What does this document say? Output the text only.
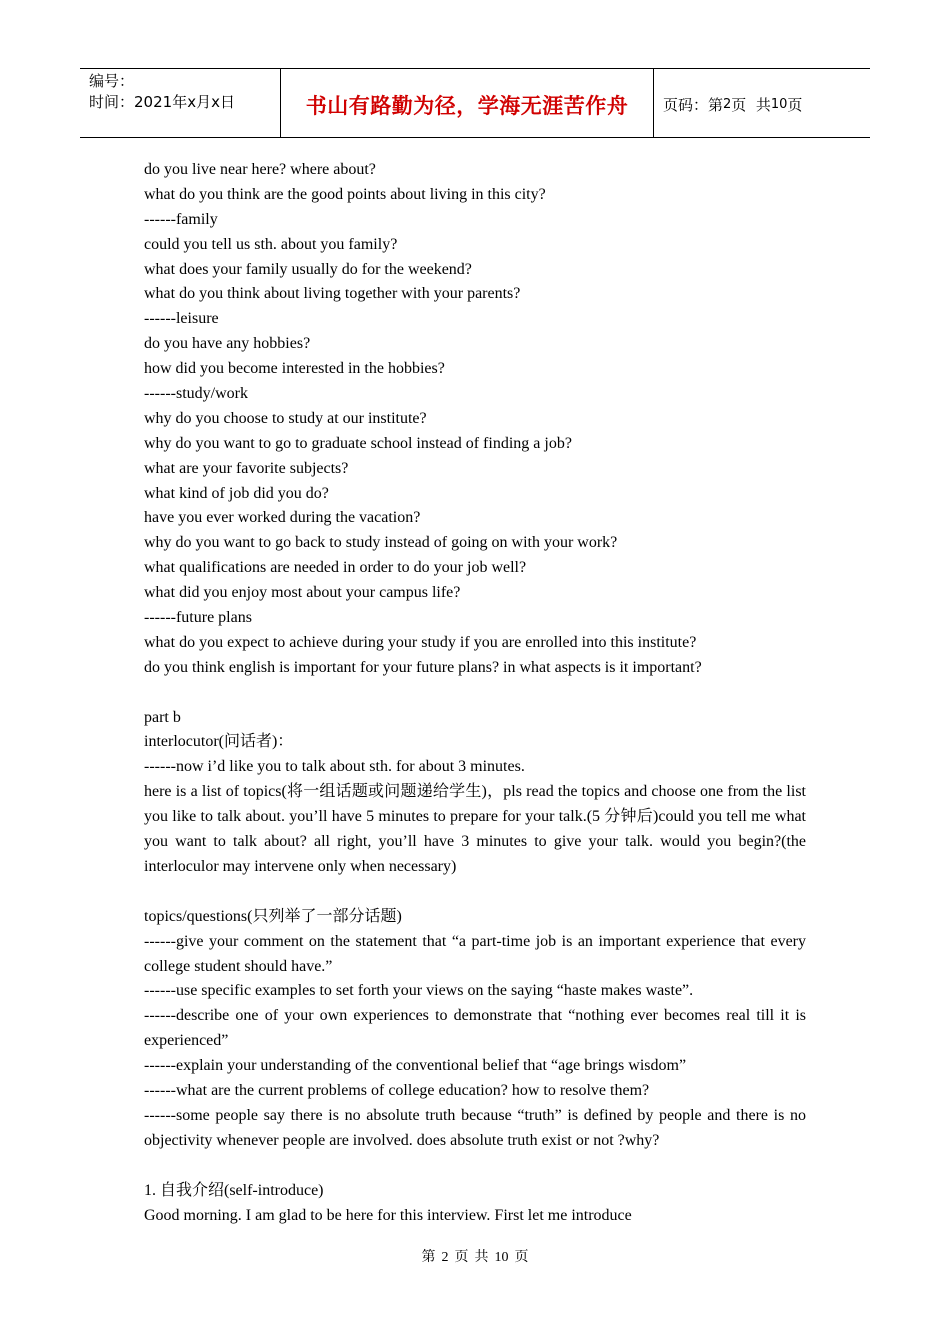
编号：
时间：2021年x月x日	书山有路勤为径，学海无涯苦作舟 页码：第 2 页  共 10 页
do you live near here? where about?
what do you think are the good points about living in this city?
------family
could you tell us sth. about you family?
what does your family usually do for the weekend?
what do you think about living together with your parents?
------leisure
do you have any hobbies?
how did you become interested in the hobbies?
------study/work
why do you choose to study at our institute?
why do you want to go to graduate school instead of finding a job?
what are your favorite subjects?
what kind of job did you do?
have you ever worked during the vacation?
why do you want to go back to study instead of going on with your work?
what qualifications are needed in order to do your job well?
what did you enjoy most about your campus life?
------future plans
what do you expect to achieve during your study if you are enrolled into this institute?
do you think english is important for your future plans? in what aspects is it important?
part b
interlocutor(问话者)：
------now i’d like you to talk about sth. for about 3 minutes.
here is a list of topics(将一组话题或问题递给学生)，pls read the topics and choose one from the list you like to talk about. you’ll have 5 minutes to prepare for your talk.(5 分钟后)could you tell me what you want to talk about? all right, you’ll have 3 minutes to give your talk. would you begin?(the interloculor may intervene only when necessary)
topics/questions(只列举了一部分话题)
------give your comment on the statement that “a part-time job is an important experience that every college student should have.”
------use specific examples to set forth your views on the saying “haste makes waste”.
------describe one of your own experiences to demonstrate that “nothing ever becomes real till it is experienced”
------explain your understanding of the conventional belief that “age brings wisdom”
------what are the current problems of college education? how to resolve them?
------some people say there is no absolute truth because “truth” is defined by people and there is no objectivity whenever people are involved. does absolute truth exist or not ?why?
1. 自我介绍(self-introduce)
Good morning. I am glad to be here for this interview. First let me introduce
第 2 页 共 10 页
